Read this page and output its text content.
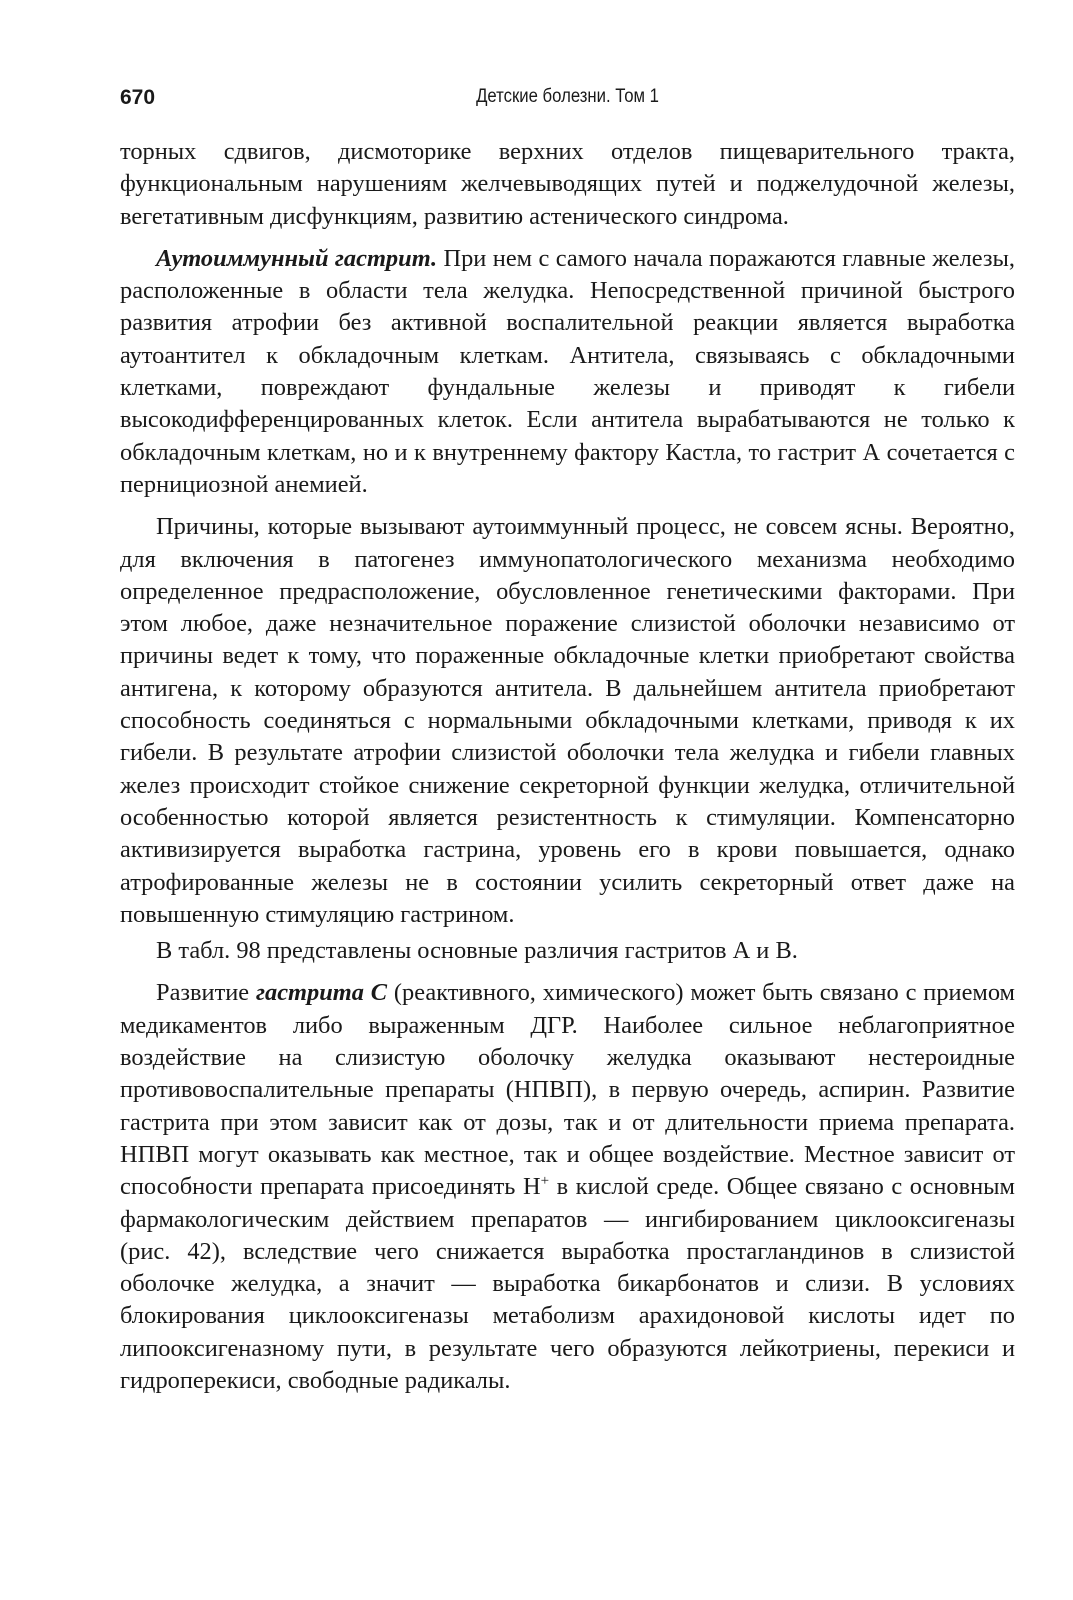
670	Детские болезни. Том 1

торных сдвигов, дисмоторике верхних отделов пищеварительного тракта, функциональным нарушениям желчевыводящих путей и поджелудочной железы, вегетативным дисфункциям, развитию астенического синдрома.

Аутоиммунный гастрит. При нем с самого начала поражаются главные железы, расположенные в области тела желудка. Непосредственной причиной быстрого развития атрофии без активной воспалительной реакции является выработка аутоантител к обкладочным клеткам. Антитела, связываясь с обкладочными клетками, повреждают фундальные железы и приводят к гибели высокодифференцированных клеток. Если антитела вырабатываются не только к обкладочным клеткам, но и к внутреннему фактору Кастла, то гастрит А сочетается с пернициозной анемией.

Причины, которые вызывают аутоиммунный процесс, не совсем ясны. Вероятно, для включения в патогенез иммунопатологического механизма необходимо определенное предрасположение, обусловленное генетическими факторами. При этом любое, даже незначительное поражение слизистой оболочки независимо от причины ведет к тому, что пораженные обкладочные клетки приобретают свойства антигена, к которому образуются антитела. В дальнейшем антитела приобретают способность соединяться с нормальными обкладочными клетками, приводя к их гибели. В результате атрофии слизистой оболочки тела желудка и гибели главных желез происходит стойкое снижение секреторной функции желудка, отличительной особенностью которой является резистентность к стимуляции. Компенсаторно активизируется выработка гастрина, уровень его в крови повышается, однако атрофированные железы не в состоянии усилить секреторный ответ даже на повышенную стимуляцию гастрином.

В табл. 98 представлены основные различия гастритов А и В.

Развитие гастрита С (реактивного, химического) может быть связано с приемом медикаментов либо выраженным ДГР. Наиболее сильное неблагоприятное воздействие на слизистую оболочку желудка оказывают нестероидные противовоспалительные препараты (НПВП), в первую очередь, аспирин. Развитие гастрита при этом зависит как от дозы, так и от длительности приема препарата. НПВП могут оказывать как местное, так и общее воздействие. Местное зависит от способности препарата присоединять Н+ в кислой среде. Общее связано с основным фармакологическим действием препаратов — ингибированием циклооксигеназы (рис. 42), вследствие чего снижается выработка простагландинов в слизистой оболочке желудка, а значит — выработка бикарбонатов и слизи. В условиях блокирования циклооксигеназы метаболизм арахидоновой кислоты идет по липооксигеназному пути, в результате чего образуются лейкотриены, перекиси и гидроперекиси, свободные радикалы.
